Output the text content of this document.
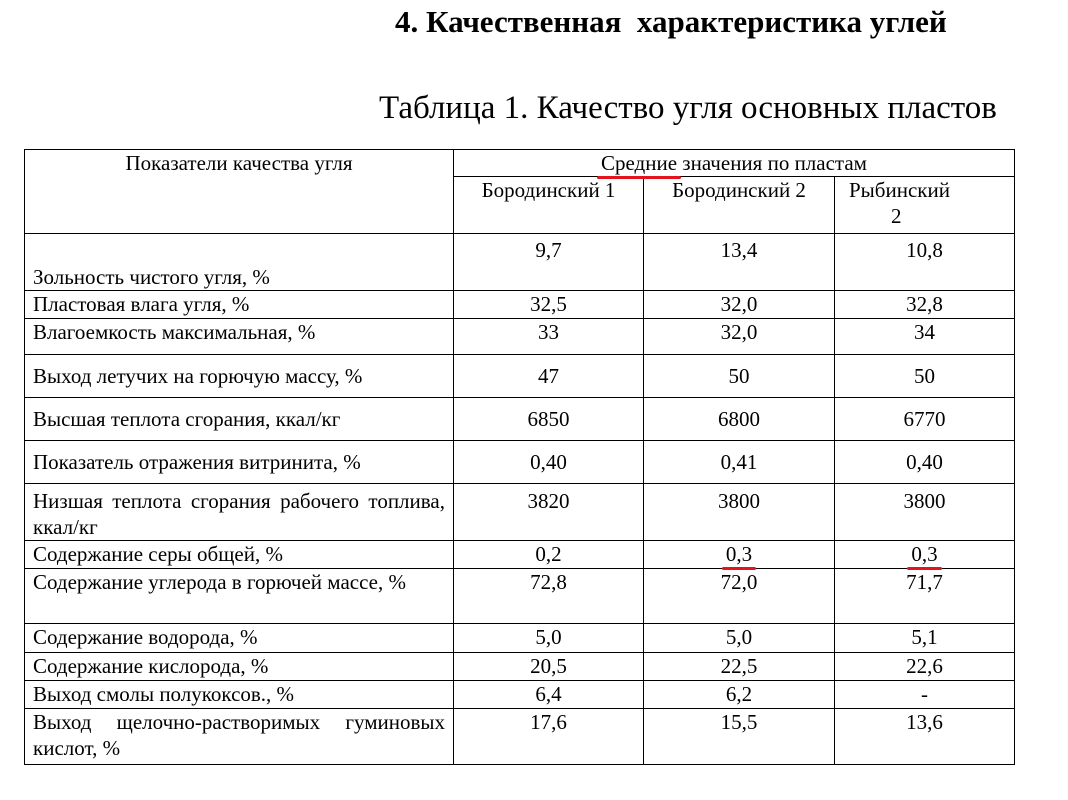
4. Качественная  характеристика углей
Таблица 1. Качество угля основных пластов
Показатели качества угля	Средние
значения по пластам		
	Бородинский 1	Бородинский 2	Рыбинский
2

Зольность чистого угля, %	9,7	13,4	10,8
Пластовая влага угля, %	32,5	32,0	32,8
Влагоемкость максимальная, %	33	32,0	34
Выход летучих на горючую массу, %	47	50	50
Высшая теплота сгорания, ккал/кг	6850	6800	6770
Показатель отражения витринита, %	0,40	0,41	0,40
Низшая теплота сгорания рабочего топлива, ккал/кг	3820	3800	3800
Содержание серы общей, %	0,2	0,3	0,3

Содержание углерода в горючей массе, %	72,8	72,0	71,7
Содержание водорода, %	5,0	5,0	5,1
Содержание кислорода, %	20,5	22,5	22,6
Выход смолы полукоксов., %	6,4	6,2	-
Выход щелочно-растворимых гуминовых кислот, %	17,6	15,5	13,6
